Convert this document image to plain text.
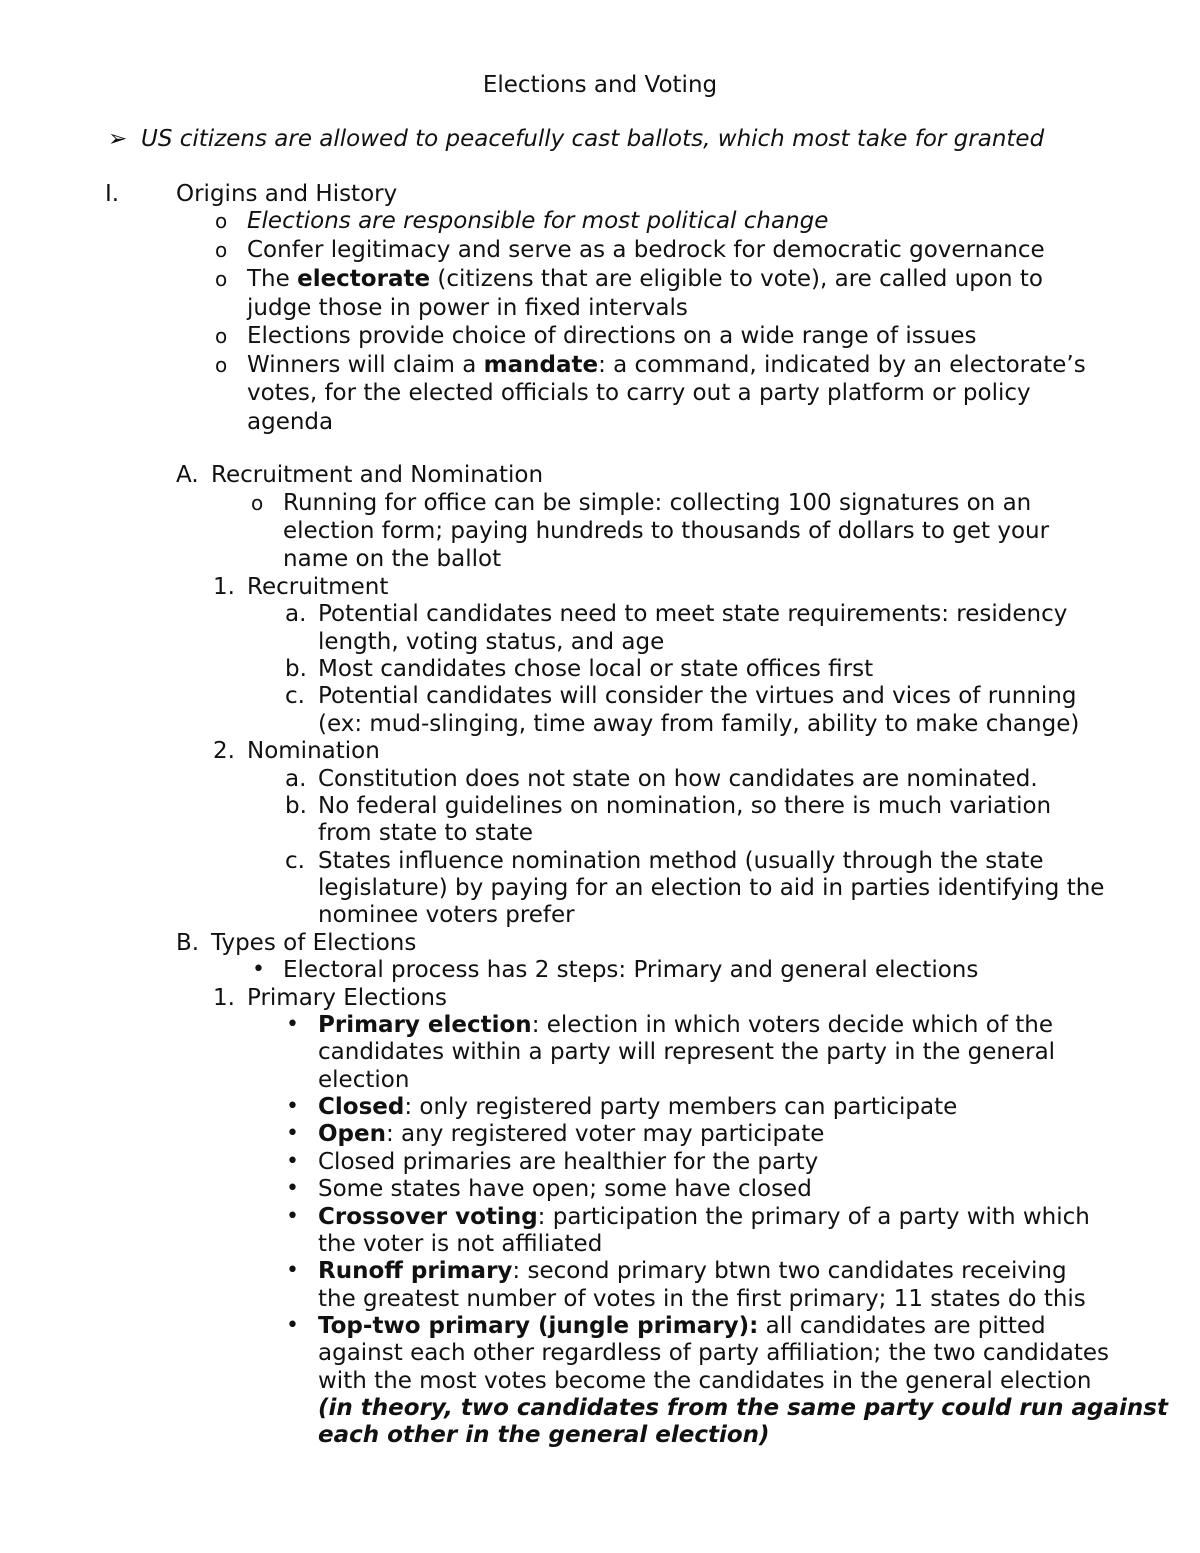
Elections and Voting
➢ US citizens are allowed to peacefully cast ballots, which most take for granted
I. Origins and History
o Elections are responsible for most political change
o Confer legitimacy and serve as a bedrock for democratic governance
o The electorate (citizens that are eligible to vote), are called upon to
judge those in power in fixed intervals
o Elections provide choice of directions on a wide range of issues
o Winners will claim a mandate: a command, indicated by an electorate’s
votes, for the elected officials to carry out a party platform or policy
agenda
A. Recruitment and Nomination
o Running for office can be simple: collecting 100 signatures on an
election form; paying hundreds to thousands of dollars to get your
name on the ballot
1. Recruitment
a. Potential candidates need to meet state requirements: residency
length, voting status, and age
b. Most candidates chose local or state offices first
c. Potential candidates will consider the virtues and vices of running
(ex: mud-slinging, time away from family, ability to make change)
2. Nomination
a. Constitution does not state on how candidates are nominated.
b. No federal guidelines on nomination, so there is much variation
from state to state
c. States influence nomination method (usually through the state
legislature) by paying for an election to aid in parties identifying the
nominee voters prefer
B. Types of Elections
• Electoral process has 2 steps: Primary and general elections
1. Primary Elections
• Primary election: election in which voters decide which of the
candidates within a party will represent the party in the general
election
• Closed: only registered party members can participate
• Open: any registered voter may participate
• Closed primaries are healthier for the party
• Some states have open; some have closed
• Crossover voting: participation the primary of a party with which
the voter is not affiliated
• Runoff primary: second primary btwn two candidates receiving
the greatest number of votes in the first primary; 11 states do this
• Top-two primary (jungle primary): all candidates are pitted
against each other regardless of party affiliation; the two candidates
with the most votes become the candidates in the general election
(in theory, two candidates from the same party could run against
each other in the general election)
